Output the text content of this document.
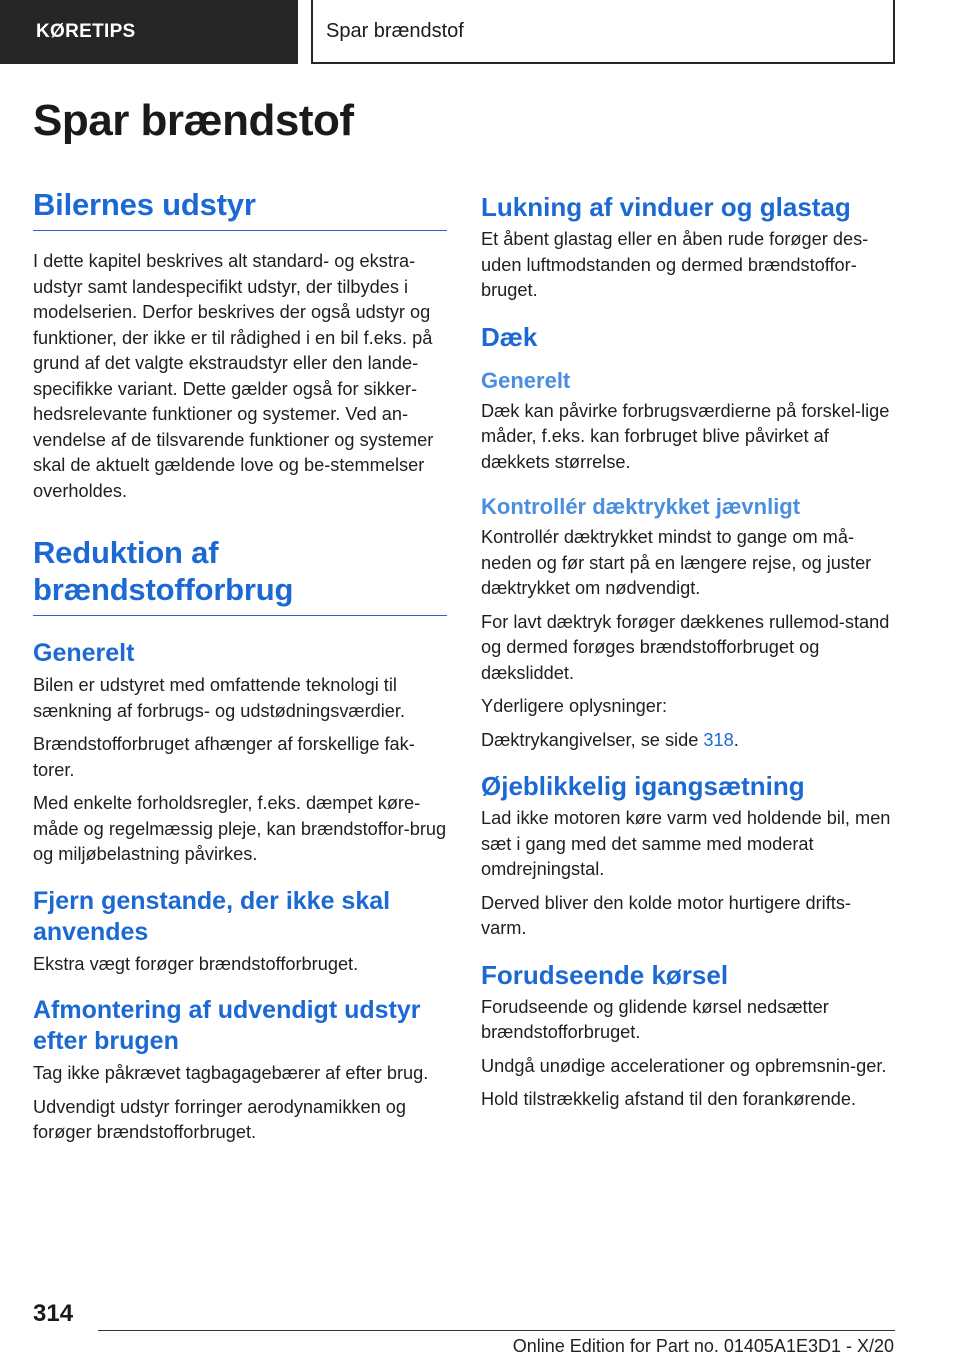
KØRETIPS	Spar brændstof
Spar brændstof
Bilernes udstyr

I dette kapitel beskrives alt standard- og ekstra-udstyr samt landespecifikt udstyr, der tilbydes i modelserien. Derfor beskrives der også udstyr og funktioner, der ikke er til rådighed i en bil f.eks. på grund af det valgte ekstraudstyr eller den lande-specifikke variant. Dette gælder også for sikker-hedsrelevante funktioner og systemer. Ved an-vendelse af de tilsvarende funktioner og systemer skal de aktuelt gældende love og be-stemmelser overholdes.

Reduktion af brændstofforbrug
Generelt

Bilen er udstyret med omfattende teknologi til sænkning af forbrugs- og udstødningsværdier.

Brændstofforbruget afhænger af forskellige fak-torer.

Med enkelte forholdsregler, f.eks. dæmpet køre-måde og regelmæssig pleje, kan brændstoffor-brug og miljøbelastning påvirkes.

Fjern genstande, der ikke skal anvendes

Ekstra vægt forøger brændstofforbruget.

Afmontering af udvendigt udstyr efter brugen

Tag ikke påkrævet tagbagagebærer af efter brug.

Udvendigt udstyr forringer aerodynamikken og forøger brændstofforbruget.

Lukning af vinduer og glastag

Et åbent glastag eller en åben rude forøger des-uden luftmodstanden og dermed brændstoffor-bruget.

Dæk
Generelt

Dæk kan påvirke forbrugsværdierne på forskel-lige måder, f.eks. kan forbruget blive påvirket af dækkets størrelse.

Kontrollér dæktrykket jævnligt

Kontrollér dæktrykket mindst to gange om må-neden og før start på en længere rejse, og juster dæktrykket om nødvendigt.

For lavt dæktryk forøger dækkenes rullemod-stand og dermed forøges brændstofforbruget og dæksliddet.

Yderligere oplysninger:

Dæktrykangivelser, se side 318.

Øjeblikkelig igangsætning

Lad ikke motoren køre varm ved holdende bil, men sæt i gang med det samme med moderat omdrejningstal.

Derved bliver den kolde motor hurtigere drifts-varm.

Forudseende kørsel

Forudseende og glidende kørsel nedsætter brændstofforbruget.

Undgå unødige accelerationer og opbremsnin-ger.

Hold tilstrækkelig afstand til den forankørende.

314
Online Edition for Part no. 01405A1E3D1 - X/20
